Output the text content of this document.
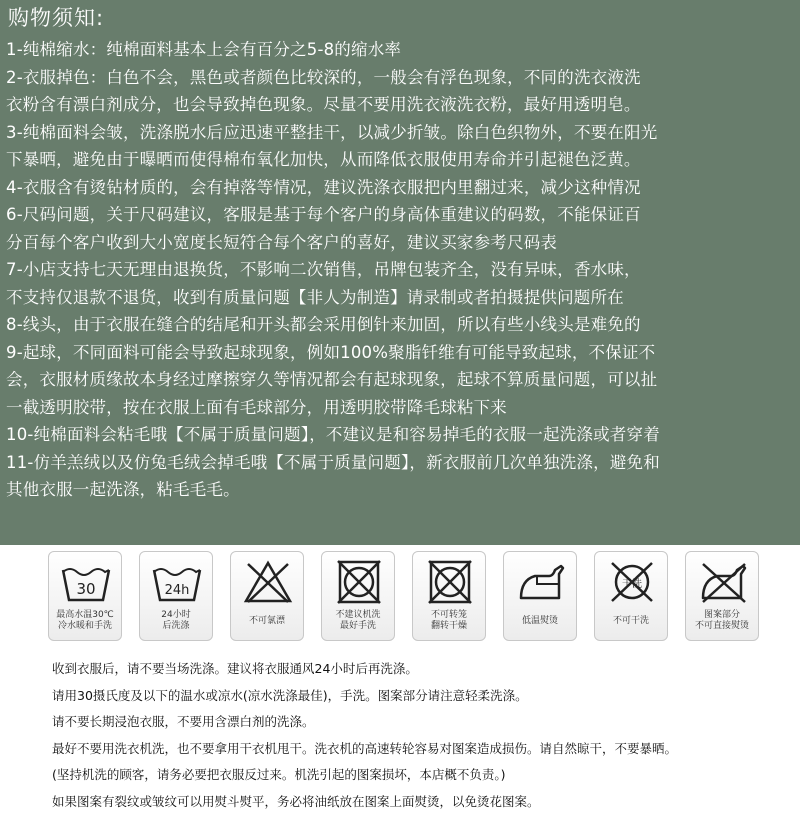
购物须知:
1-纯棉缩水：纯棉面料基本上会有百分之5-8的缩水率
2-衣服掉色：白色不会，黑色或者颜色比较深的，一般会有浮色现象，不同的洗衣液洗
衣粉含有漂白剂成分，也会导致掉色现象。尽量不要用洗衣液洗衣粉，最好用透明皂。
3-纯棉面料会皱，洗涤脱水后应迅速平整挂干，以减少折皱。除白色织物外，不要在阳光
下暴晒，避免由于曝晒而使得棉布氧化加快，从而降低衣服使用寿命并引起褪色泛黄。
4-衣服含有烫钻材质的，会有掉落等情况，建议洗涤衣服把内里翻过来，减少这种情况
6-尺码问题，关于尺码建议，客服是基于每个客户的身高体重建议的码数，不能保证百
分百每个客户收到大小宽度长短符合每个客户的喜好，建议买家参考尺码表
7-小店支持七天无理由退换货，不影响二次销售，吊牌包装齐全，没有异味，香水味，
不支持仅退款不退货，收到有质量问题【非人为制造】请录制或者拍摄提供问题所在
8-线头，由于衣服在缝合的结尾和开头都会采用倒针来加固，所以有些小线头是难免的
9-起球，不同面料可能会导致起球现象，例如100%聚脂钎维有可能导致起球，不保证不
会，衣服材质缘故本身经过摩擦穿久等情况都会有起球现象，起球不算质量问题，可以扯
一截透明胶带，按在衣服上面有毛球部分，用透明胶带降毛球粘下来
10-纯棉面料会粘毛哦【不属于质量问题】，不建议是和容易掉毛的衣服一起洗涤或者穿着
11-仿羊羔绒以及仿兔毛绒会掉毛哦【不属于质量问题】，新衣服前几次单独洗涤，避免和
其他衣服一起洗涤，粘毛毛毛。
30
最高水温30℃
冷水暖和手洗
24h
24小时
后洗涤	不可氯漂
不建议机洗
最好手洗
不可转笼
翻转干燥	低温熨烫
干洗
不可干洗
图案部分
不可直接熨烫
收到衣服后，请不要当场洗涤。建议将衣服通风24小时后再洗涤。
请用30摄氏度及以下的温水或凉水(凉水洗涤最佳)，手洗。图案部分请注意轻柔洗涤。
请不要长期浸泡衣服，不要用含漂白剂的洗涤。
最好不要用洗衣机洗，也不要拿用干衣机甩干。洗衣机的高速转轮容易对图案造成损伤。请自然晾干，不要暴晒。
(坚持机洗的顾客，请务必要把衣服反过来。机洗引起的图案损坏，本店概不负责。)
如果图案有裂纹或皱纹可以用熨斗熨平，务必将油纸放在图案上面熨烫，以免烫花图案。
